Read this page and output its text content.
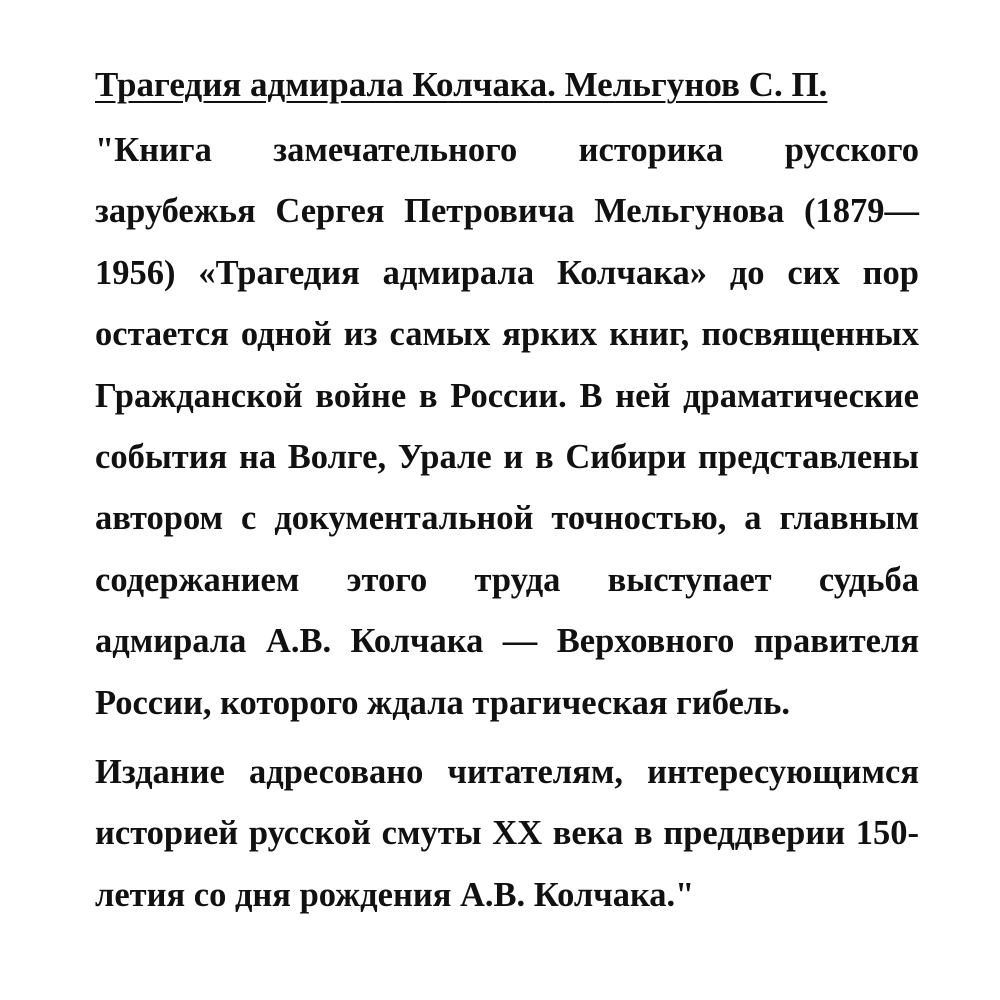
Трагедия адмирала Колчака. Мельгунов С. П.

"Книга замечательного историка русского зарубежья Сергея Петровича Мельгунова (1879—1956) «Трагедия адмирала Колчака» до сих пор остается одной из самых ярких книг, посвященных Гражданской войне в России. В ней драматические события на Волге, Урале и в Сибири представлены автором с документальной точностью, а главным содержанием этого труда выступает судьба адмирала А.В. Колчака — Верховного правителя России, которого ждала трагическая гибель.

Издание адресовано читателям, интересующимся историей русской смуты XX века в преддверии 150-летия со дня рождения А.В. Колчака."
